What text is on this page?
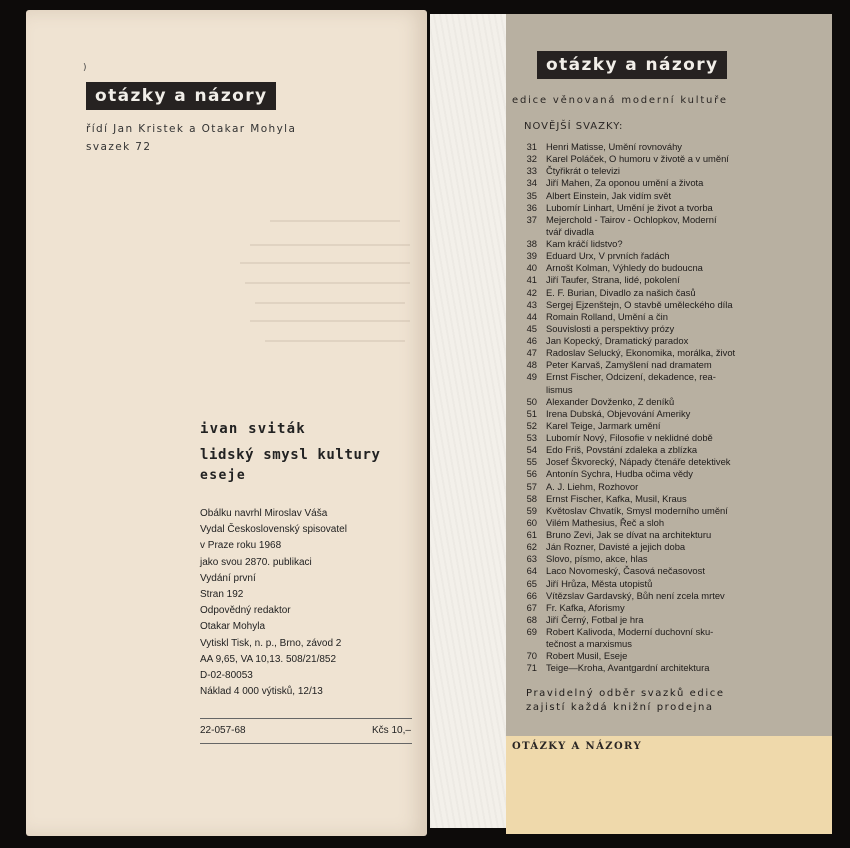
)
otázky a názory
řídí Jan Kristek a Otakar Mohyla
svazek 72
ivan sviták
lidský smysl kultury
eseje
Obálku navrhl Miroslav Váša
Vydal Československý spisovatel
v Praze roku 1968
jako svou 2870. publikaci
Vydání první
Stran 192
Odpovědný redaktor
Otakar Mohyla
Vytiskl Tisk, n. p., Brno, závod 2
AA 9,65, VA 10,13. 508/21/852
D-02-80053
Náklad 4 000 výtisků, 12/13
22-057-68	Kčs 10,–
otázky a názory
edice věnovaná moderní kultuře
NOVĚJŠÍ SVAZKY:
31 Henri Matisse, Umění rovnováhy
32 Karel Poláček, O humoru v životě a v umění
33 Čtyřikrát o televizi
34 Jiří Mahen, Za oponou umění a života
35 Albert Einstein, Jak vidím svět
36 Lubomír Linhart, Umění je život a tvorba
37 Mejerchold - Tairov - Ochlopkov, Moderní
tvář divadla
38 Kam kráčí lidstvo?
39 Eduard Urx, V prvních řadách
40 Arnošt Kolman, Výhledy do budoucna
41 Jiří Taufer, Strana, lidé, pokolení
42 E. F. Burian, Divadlo za našich časů
43 Sergej Ejzenštejn, O stavbě uměleckého díla
44 Romain Rolland, Umění a čin
45 Souvislosti a perspektivy prózy
46 Jan Kopecký, Dramatický paradox
47 Radoslav Selucký, Ekonomika, morálka, život
48 Peter Karvaš, Zamyšlení nad dramatem
49 Ernst Fischer, Odcizení, dekadence, rea-
lismus
50 Alexander Dovženko, Z deníků
51 Irena Dubská, Objevování Ameriky
52 Karel Teige, Jarmark umění
53 Lubomír Nový, Filosofie v neklidné době
54 Edo Friš, Povstání zdaleka a zblízka
55 Josef Škvorecký, Nápady čtenáře detektivek
56 Antonín Sychra, Hudba očima vědy
57 A. J. Liehm, Rozhovor
58 Ernst Fischer, Kafka, Musil, Kraus
59 Květoslav Chvatík, Smysl moderního umění
60 Vilém Mathesius, Řeč a sloh
61 Bruno Zevi, Jak se dívat na architekturu
62 Ján Rozner, Davisté a jejich doba
63 Slovo, písmo, akce, hlas
64 Laco Novomeský, Časová nečasovost
65 Jiří Hrůza, Města utopistů
66 Vítězslav Gardavský, Bůh není zcela mrtev
67 Fr. Kafka, Aforismy
68 Jiří Černý, Fotbal je hra
69 Robert Kalivoda, Moderní duchovní sku-
tečnost a marxismus
70 Robert Musil, Eseje
71 Teige—Kroha, Avantgardní architektura
Pravidelný odběr svazků edice
zajistí každá knižní prodejna
OTÁZKY A NÁZORY
